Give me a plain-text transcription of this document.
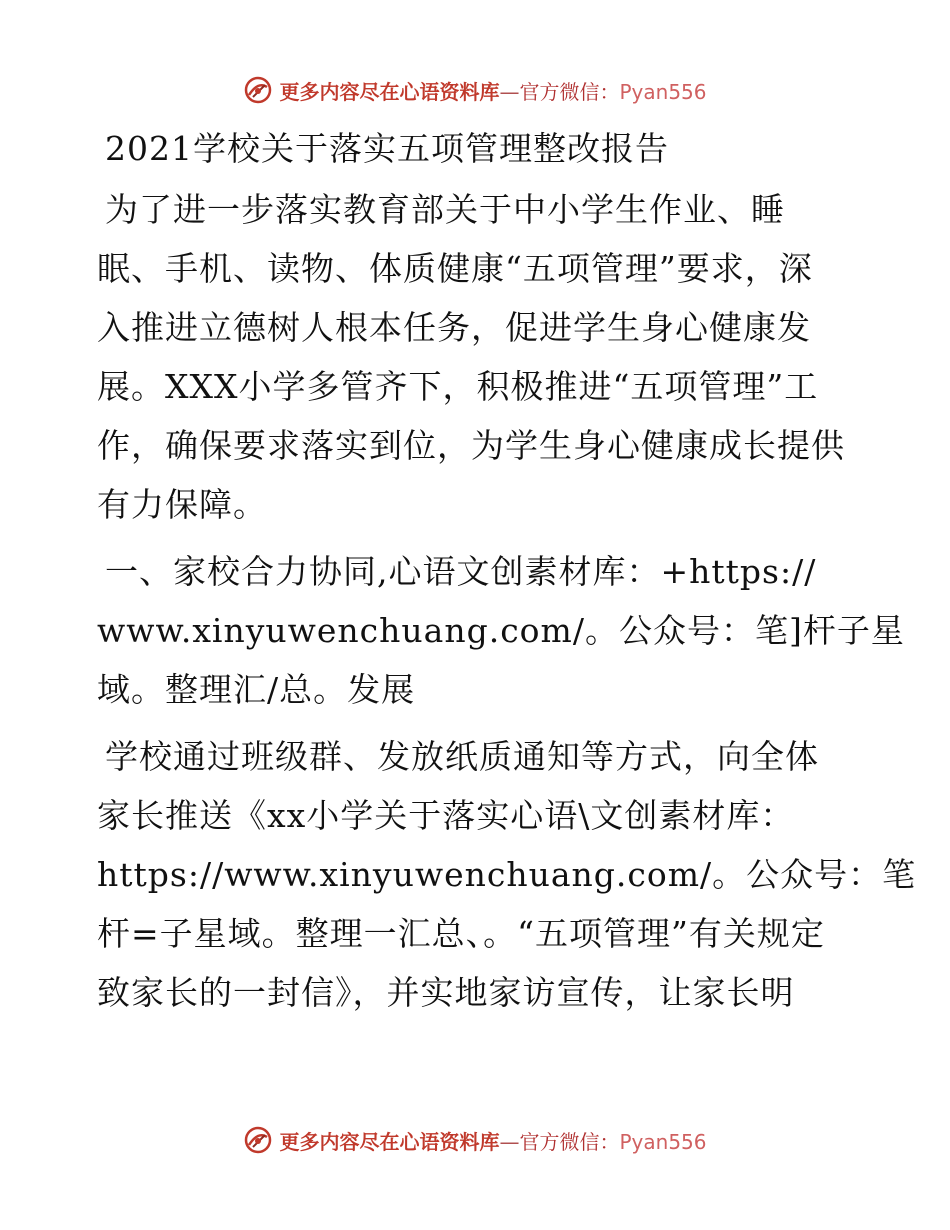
更多内容尽在心语资料库—官方微信：Pyan556
2021学校关于落实五项管理整改报告

为了进一步落实教育部关于中小学生作业、睡
眠、手机、读物、体质健康“五项管理”要求，深
入推进立德树人根本任务，促进学生身心健康发
展。XXX小学多管齐下，积极推进“五项管理”工
作，确保要求落实到位，为学生身心健康成长提供
有力保障。

一、家校合力协同,心语文创素材库：+https://
www.xinyuwenchuang.com/。公众号：笔]杆子星
域。整理汇/总。发展

学校通过班级群、发放纸质通知等方式，向全体
家长推送《xx小学关于落实心语\文创素材库：
https://www.xinyuwenchuang.com/。公众号：笔
杆=子星域。整理一汇总、。“五项管理”有关规定
致家长的一封信》，并实地家访宣传，让家长明

更多内容尽在心语资料库—官方微信：Pyan556
